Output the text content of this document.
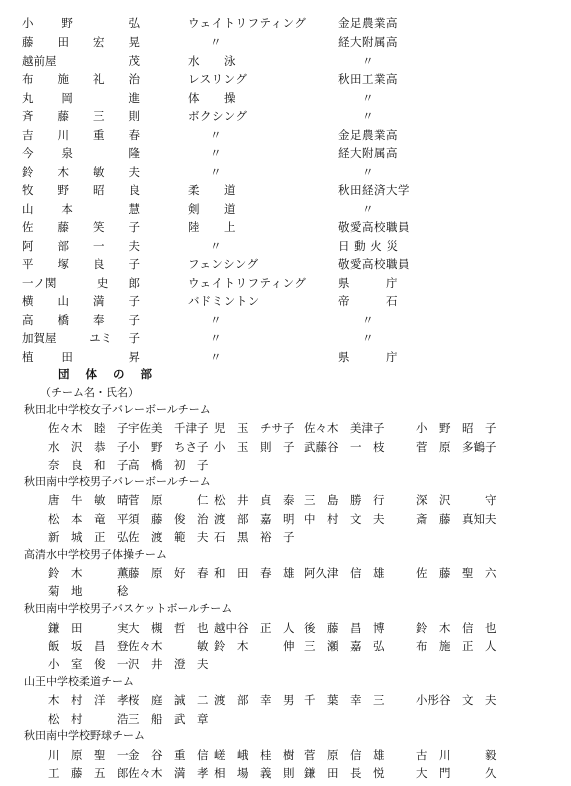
小 野	弘	ウェイトリフティング	金足農業高
藤 田 宏 晃	〃	経大附属高
越前屋	茂	水　　泳	〃
布 施 礼 治	レスリング	秋田工業高
丸 岡	進	体　　操	〃
斉 藤 三 則	ボクシング	〃
吉 川 重 春	〃	金足農業高
今 泉	隆	〃	経大附属高
鈴 木 敏 夫	〃	〃
牧 野 昭 良	柔　　道	秋田経済大学
山 本	慧	剣　　道	〃
佐 藤 笑 子	陸　　上	敬愛高校職員
阿 部 一 夫	〃	日 動 火 災
平 塚 良 子	フェンシング	敬愛高校職員
一ノ関	史 郎	ウェイトリフティング	県　　　庁
横 山 満 子	バドミントン	帝　　　石
高 橋 奉 子	〃	〃
加賀屋	ユミ 子	〃	〃
植 田	昇	〃	県　　　庁
団 体 の 部
（チーム名・氏名）
秋田北中学校女子バレーボールチーム
佐々木　睦　子 宇佐美　千津子 児　玉　チサ子 佐々木　美津子	小　野　昭　子
水　沢　恭　子 小　野　ちさ子 小　玉　則　子 武藤谷　一　枝	菅　原　多鶴子
奈　良　和　子 高　橋　初　子
秋田南中学校男子バレーボールチーム
唐　牛　敏　晴 菅　原　　　仁 松　井　貞　泰 三　島　勝　行	深　沢　　　守
松　本　竜　平 須　藤　俊　治 渡　部　嘉　明 中　村　文　夫	斎　藤　真知夫
新　城　正　弘 佐　渡　範　夫 石　黒　裕　子
高清水中学校男子体操チーム
鈴　木　　　薫 藤　原　好　春 和　田　春　雄 阿久津　信　雄	佐　藤　聖　六
菊　地　　　稔
秋田南中学校男子バスケットボールチーム
鎌　田　　　実 大　槻　哲　也 越中谷　正　人 後　藤　昌　博	鈴　木　信　也
飯　坂　昌　登 佐々木　　　敏 鈴　木　　　伸 三　瀬　嘉　弘	布　施　正　人
小　室　俊　一 沢　井　澄　夫
山王中学校柔道チーム
木　村　洋　孝 桜　庭　誠　二 渡　部　幸　男 千　葉　幸　三	小彤谷　文　夫
松　村　　　浩 三　船　武　章
秋田南中学校野球チーム
川　原　聖　一 金　谷　重　信 嵯　峨　桂　樹 菅　原　信　雄	古　川　　　毅
工　藤　五　郎 佐々木　満　孝 相　場　義　則 鎌　田　長　悦	大　門　　　久
